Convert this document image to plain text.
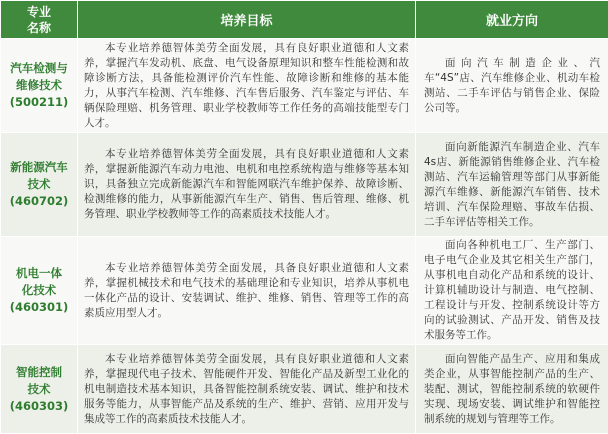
专业名称	培养目标	就业方向

汽车检测与维修技术
(500211)	本专业培养德智体美劳全面发展，具有良好职业道德和人文素养，掌握汽车发动机、底盘、电气设备原理知识和整车性能检测和故障诊断方法，具备能检测评价汽车性能、故障诊断和维修的基本能力，从事汽车检测、汽车维修、汽车售后服务、汽车鉴定与评估、车辆保险理赔、机务管理、职业学校教师等工作任务的高端技能型专门人才。	面向汽车制造企业、汽车“4S”店、汽车维修企业、机动车检测站、二手车评估与销售企业、保险公司等。

新能源汽车技术
(460702)	本专业培养德智体美劳全面发展，具有良好职业道德和人文素养，掌握新能源汽车动力电池、电机和电控系统构造与维修等基本知识，具备独立完成新能源汽车和智能网联汽车维护保养、故障诊断、检测维修的能力，从事新能源汽车生产、销售、售后管理、维修、机务管理、职业学校教师等工作的高素质技术技能人才。	面向新能源汽车制造企业、汽车4s店、新能源销售维修企业、汽车检测站、汽车运输管理等部门从事新能源汽车维修、新能源汽车销售、技术培训、汽车保险理赔、事故车估损、二手车评估等相关工作。

机电一体化技术
(460301)	本专业培养德智体美劳全面发展，具备良好职业道德和人文素养，掌握机械技术和电气技术的基础理论和专业知识，培养从事机电一体化产品的设计、安装调试、维护、维修、销售、管理等工作的高素质应用型人才。	面向各种机电工厂、生产部门、电子电气企业及其它相关生产部门，从事机电自动化产品和系统的设计、计算机辅助设计与制造、电气控制、工程设计与开发、控制系统设计等方向的试验测试、产品开发、销售及技术服务等工作。

智能控制技术
(460303)	本专业培养德智体美劳全面发展，具有良好职业道德和人文素养，掌握现代电子技术、智能硬件开发、智能化产品及新型工业化的机电制造技术基本知识，具备智能控制系统安装、调试、维护和技术服务等能力，从事智能产品及系统的生产、维护、营销、应用开发与集成等工作的高素质技术技能人才。	面向智能产品生产、应用和集成类企业，从事智能控制产品的生产、装配、测试，智能控制系统的软硬件实现、现场安装、调试维护和智能控制系统的规划与管理等工作。
